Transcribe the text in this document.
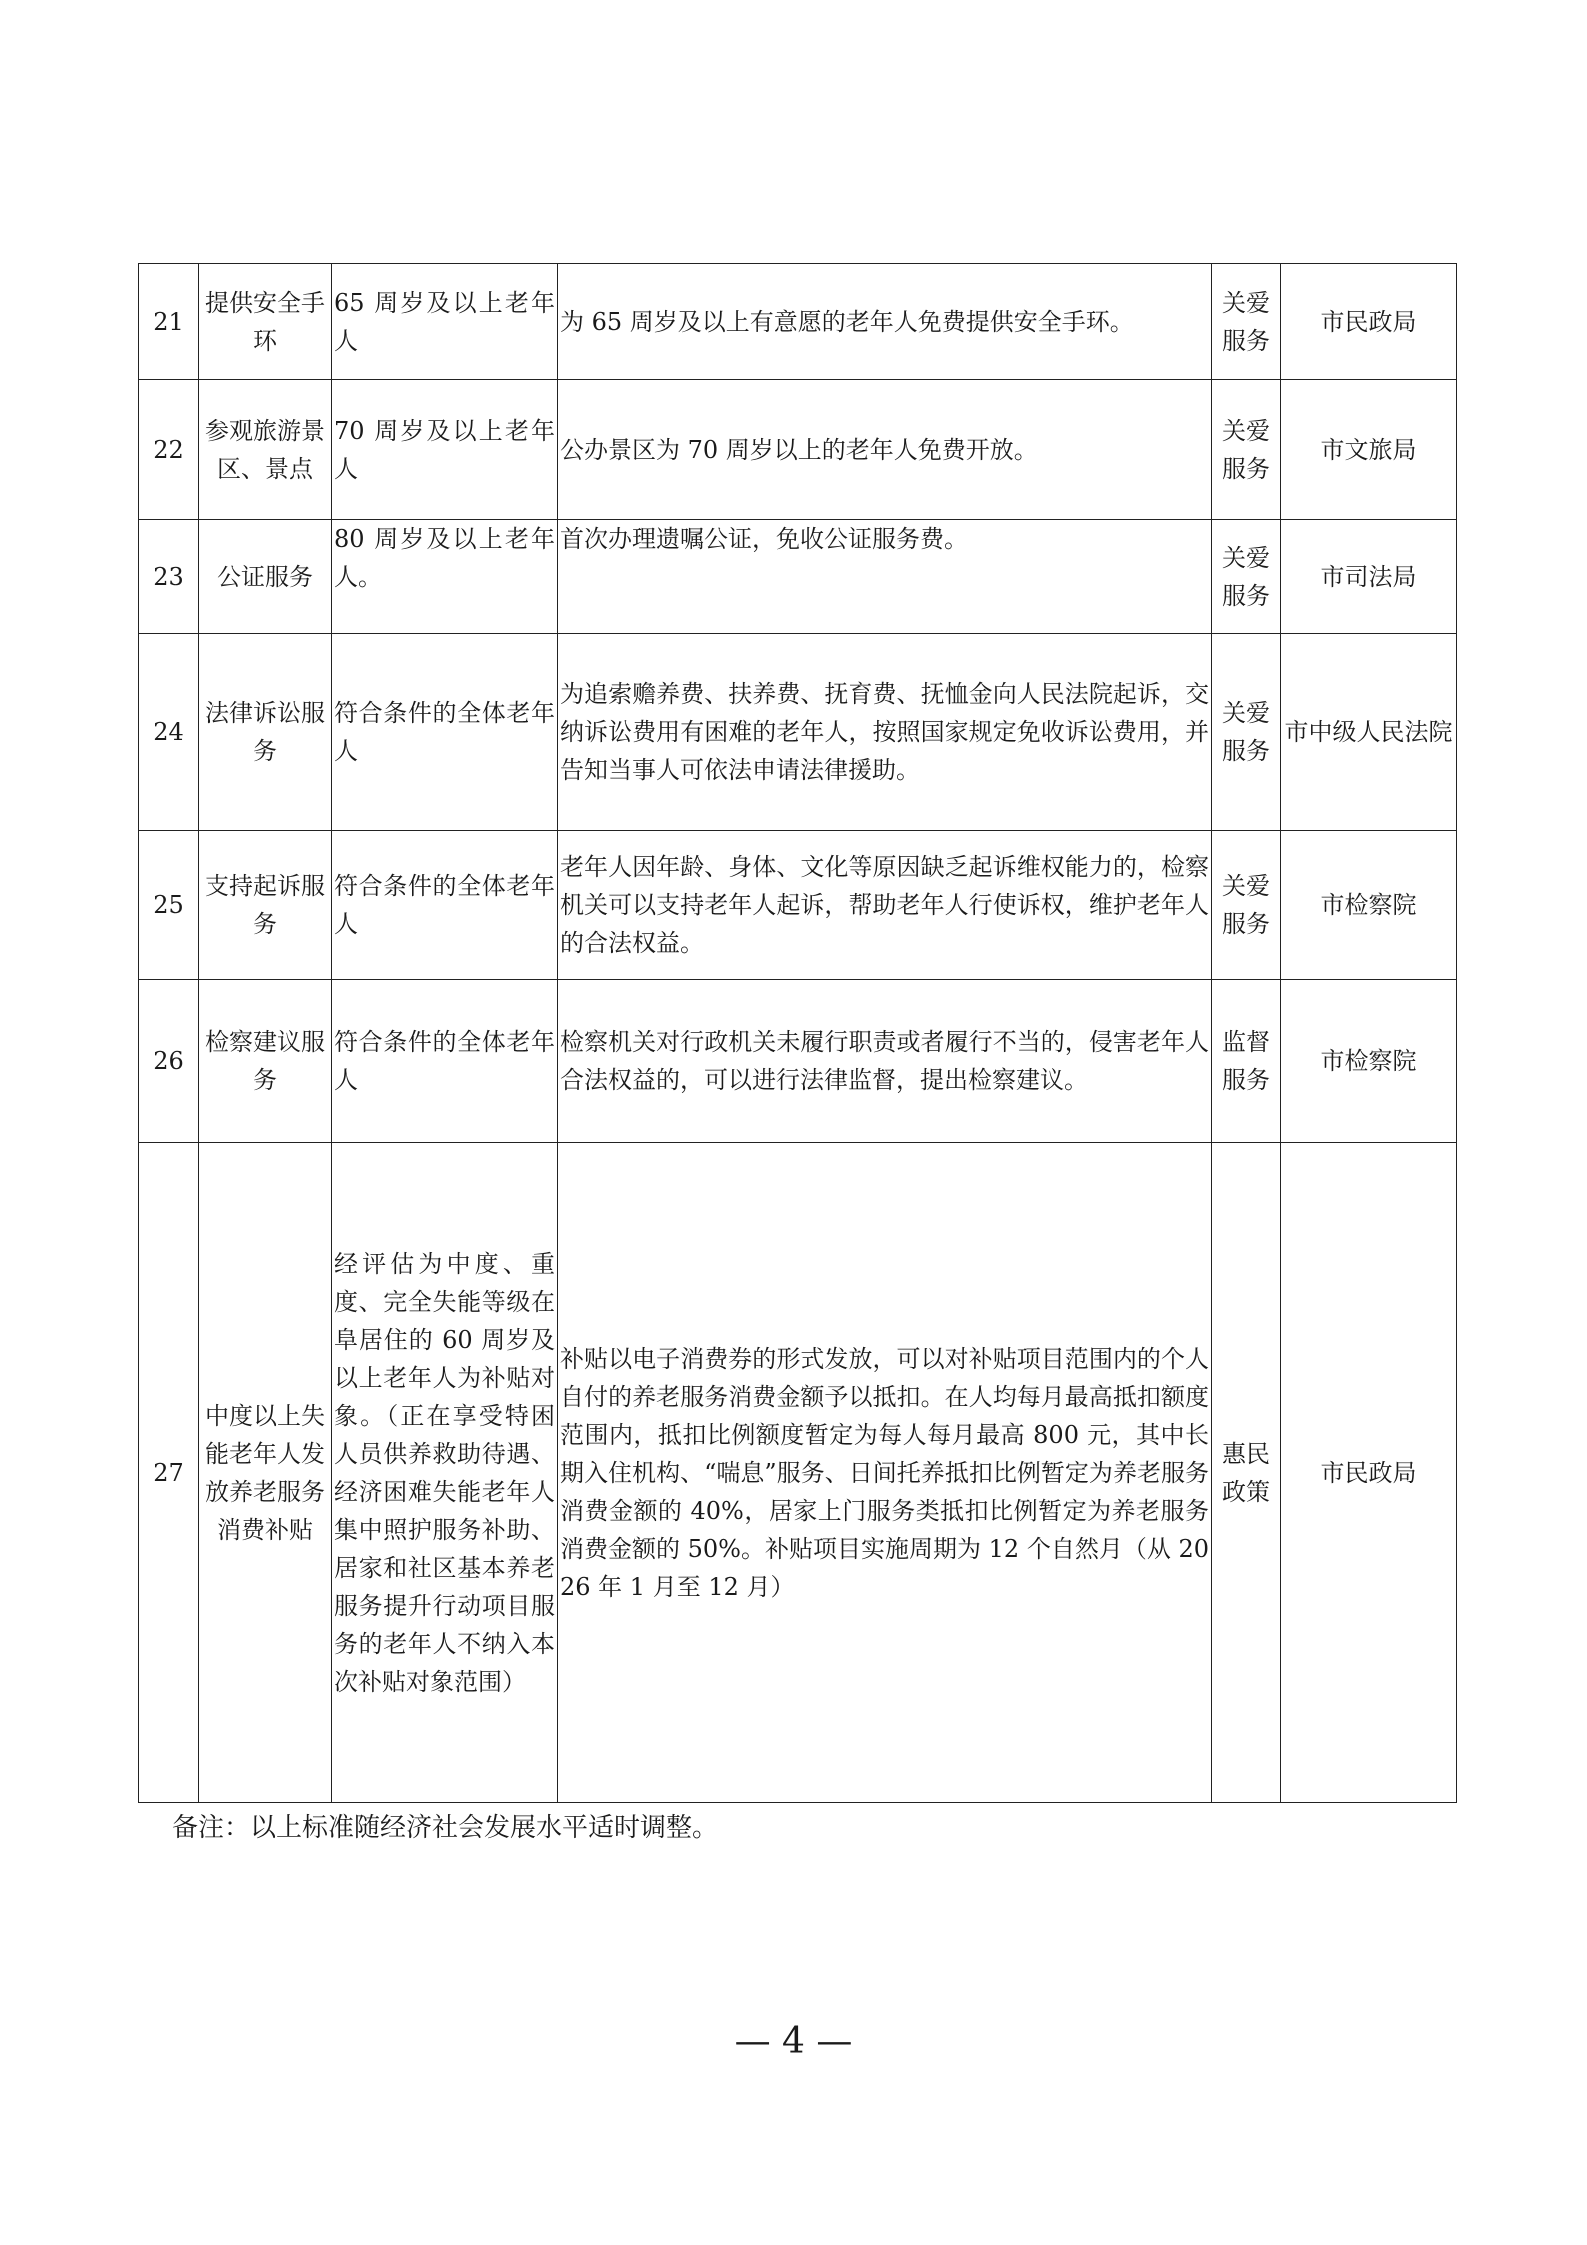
21	提供安全手环	65 周岁及以上老年人	为 65 周岁及以上有意愿的老年人免费提供安全手环。	关爱服务	市民政局
22	参观旅游景区、景点	70 周岁及以上老年人	公办景区为 70 周岁以上的老年人免费开放。	关爱服务	市文旅局
23	公证服务	80 周岁及以上老年人。	首次办理遗嘱公证，免收公证服务费。	关爱服务	市司法局
24	法律诉讼服务	符合条件的全体老年人	为追索赡养费、扶养费、抚育费、抚恤金向人民法院起诉，交纳诉讼费用有困难的老年人，按照国家规定免收诉讼费用，并告知当事人可依法申请法律援助。	关爱服务	市中级人民法院
25	支持起诉服务	符合条件的全体老年人	老年人因年龄、身体、文化等原因缺乏起诉维权能力的，检察机关可以支持老年人起诉，帮助老年人行使诉权，维护老年人的合法权益。	关爱服务	市检察院
26	检察建议服务	符合条件的全体老年人	检察机关对行政机关未履行职责或者履行不当的，侵害老年人合法权益的，可以进行法律监督，提出检察建议。	监督服务	市检察院
27	中度以上失能老年人发放养老服务消费补贴	经评估为中度、重度、完全失能等级在阜居住的 60 周岁及以上老年人为补贴对象。（正在享受特困人员供养救助待遇、经济困难失能老年人集中照护服务补助、居家和社区基本养老服务提升行动项目服务的老年人不纳入本次补贴对象范围）	补贴以电子消费券的形式发放，可以对补贴项目范围内的个人自付的养老服务消费金额予以抵扣。在人均每月最高抵扣额度范围内，抵扣比例额度暂定为每人每月最高 800 元，其中长期入住机构、“喘息”服务、日间托养抵扣比例暂定为养老服务消费金额的 40%，居家上门服务类抵扣比例暂定为养老服务消费金额的 50%。补贴项目实施周期为 12 个自然月（从 2026 年 1 月至 12 月）	惠民政策	市民政局
备注：以上标准随经济社会发展水平适时调整。
— 4 —
